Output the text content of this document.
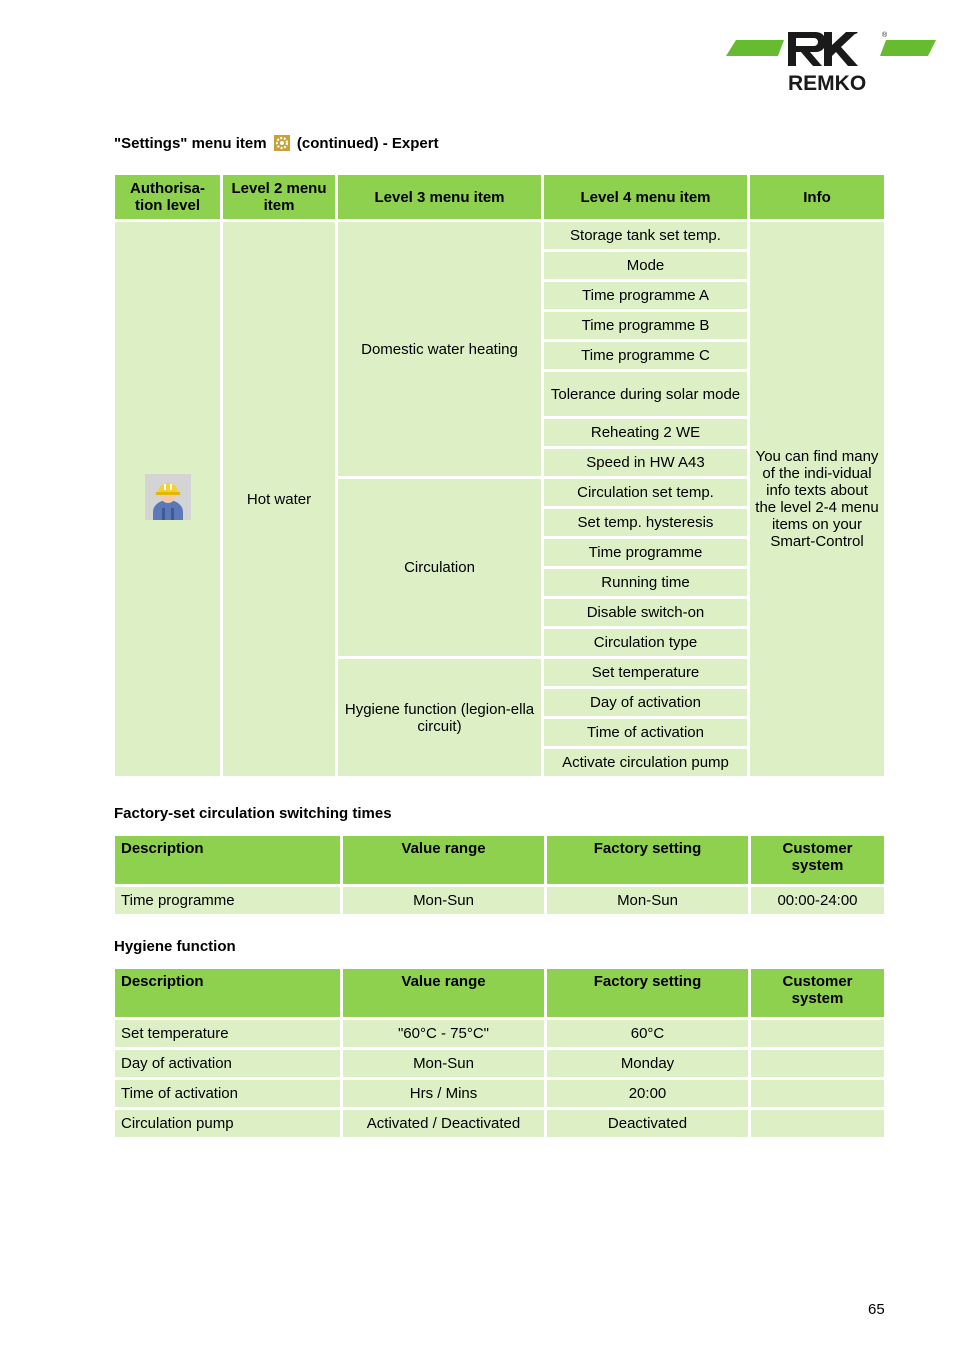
REMKO
®
"Settings" menu item (continued) - Expert
Authorisa-tion level	Level 2 menu item	Level 3 menu item	Level 4 menu item	Info
	Hot water	Domestic water heating	Storage tank set temp.	You can find many of the indi-vidual info texts about the level 2-4 menu items on your Smart-Control

			Mode	
			Time programme A	
			Time programme B	
			Time programme C	
			Tolerance during solar mode	
			Reheating 2 WE	
			Speed in HW A43	
		Circulation	Circulation set temp.	
			Set temp. hysteresis	
			Time programme	
			Running time	
			Disable switch-on	
			Circulation type	
		Hygiene function (legion-ella circuit)	Set temperature	
			Day of activation	
			Time of activation	
			Activate circulation pump	
Factory-set circulation switching times
Description	Value range	Factory setting	Customer system
Time programme	Mon-Sun	Mon-Sun	00:00-24:00
Hygiene function
Description	Value range	Factory setting	Customer system
Set temperature	"60°C - 75°C"	60°C	
Day of activation	Mon-Sun	Monday	
Time of activation	Hrs / Mins	20:00	
Circulation pump	Activated / Deactivated	Deactivated	
65
